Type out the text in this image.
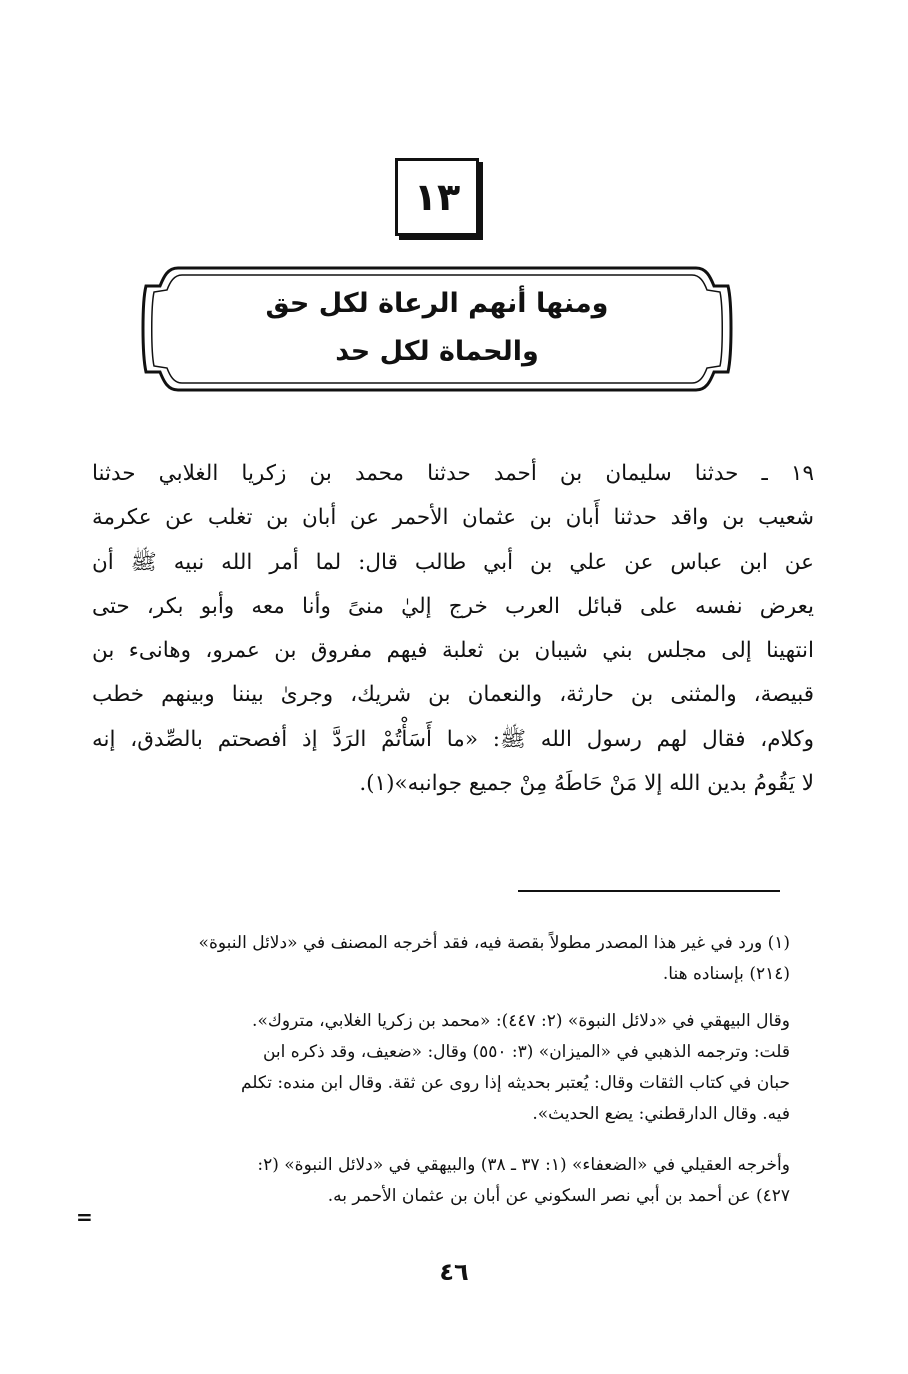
١٣
ومنها أنهم الرعاة لكل حق
والحماة لكل حد
١٩ ـ حدثنا سليمان بن أحمد حدثنا محمد بن زكريا الغلابي حدثنا
شعيب بن واقد حدثنا أَبان بن عثمان الأحمر عن أبان بن تغلب عن عكرمة
عن ابن عباس عن علي بن أبي طالب قال: لما أمر الله نبيه ﷺ أن
يعرض نفسه على قبائل العرب خرج إليٰ منىً وأنا معه وأبو بكر، حتى
انتهينا إلى مجلس بني شيبان بن ثعلبة فيهم مفروق بن عمرو، وهانىء بن
قبيصة، والمثنى بن حارثة، والنعمان بن شريك، وجرىٰ بيننا وبينهم خطب
وكلام، فقال لهم رسول الله ﷺ: «ما أَسَأْتُمْ الرَدَّ إذ أفصحتم بالصِّدق، إنه
لا يَقُومُ بدين الله إلا مَنْ حَاطَهُ مِنْ جميع جوانبه»(١).
(١) ورد في غير هذا المصدر مطولاً بقصة فيه، فقد أخرجه المصنف في «دلائل النبوة»
(٢١٤) بإسناده هنا.
وقال البيهقي في «دلائل النبوة» (٢: ٤٤٧): «محمد بن زكريا الغلابي، متروك».
قلت: وترجمه الذهبي في «الميزان» (٣: ٥٥٠) وقال: «ضعيف، وقد ذكره ابن
حبان في كتاب الثقات وقال: يُعتبر بحديثه إذا روى عن ثقة. وقال ابن منده: تكلم
فيه. وقال الدارقطني: يضع الحديث».
وأخرجه العقيلي في «الضعفاء» (١: ٣٧ ـ ٣٨) والبيهقي في «دلائل النبوة» (٢:
٤٢٧) عن أحمد بن أبي نصر السكوني عن أبان بن عثمان الأحمر به.
=
٤٦
